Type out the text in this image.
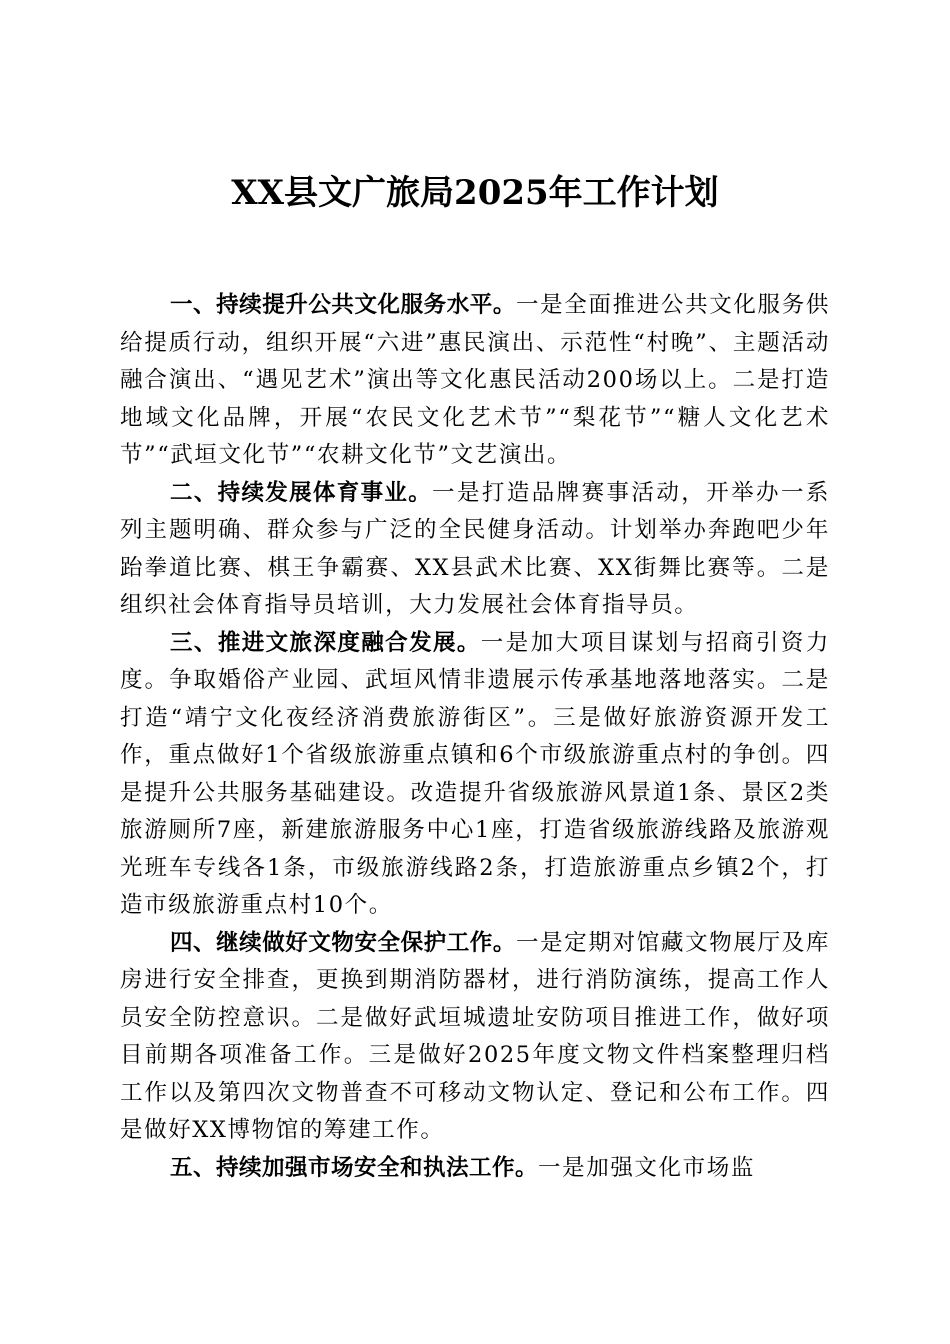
XX县文广旅局2025年工作计划

一、持续提升公共文化服务水平。一是全面推进公共文化服务供给提质行动，组织开展“六进”惠民演出、示范性“村晚”、主题活动融合演出、“遇见艺术”演出等文化惠民活动200场以上。二是打造地域文化品牌，开展“农民文化艺术节”“梨花节”“糖人文化艺术节”“武垣文化节”“农耕文化节”文艺演出。

二、持续发展体育事业。一是打造品牌赛事活动，开举办一系列主题明确、群众参与广泛的全民健身活动。计划举办奔跑吧少年跆拳道比赛、棋王争霸赛、XX县武术比赛、XX街舞比赛等。二是组织社会体育指导员培训，大力发展社会体育指导员。

三、推进文旅深度融合发展。一是加大项目谋划与招商引资力度。争取婚俗产业园、武垣风情非遗展示传承基地落地落实。二是打造“靖宁文化夜经济消费旅游街区”。三是做好旅游资源开发工作，重点做好1个省级旅游重点镇和6个市级旅游重点村的争创。四是提升公共服务基础建设。改造提升省级旅游风景道1条、景区2类旅游厕所7座，新建旅游服务中心1座，打造省级旅游线路及旅游观光班车专线各1条，市级旅游线路2条，打造旅游重点乡镇2个，打造市级旅游重点村10个。

四、继续做好文物安全保护工作。一是定期对馆藏文物展厅及库房进行安全排查，更换到期消防器材，进行消防演练，提高工作人员安全防控意识。二是做好武垣城遗址安防项目推进工作，做好项目前期各项准备工作。三是做好2025年度文物文件档案整理归档工作以及第四次文物普查不可移动文物认定、登记和公布工作。四是做好XX博物馆的筹建工作。

五、持续加强市场安全和执法工作。一是加强文化市场监
